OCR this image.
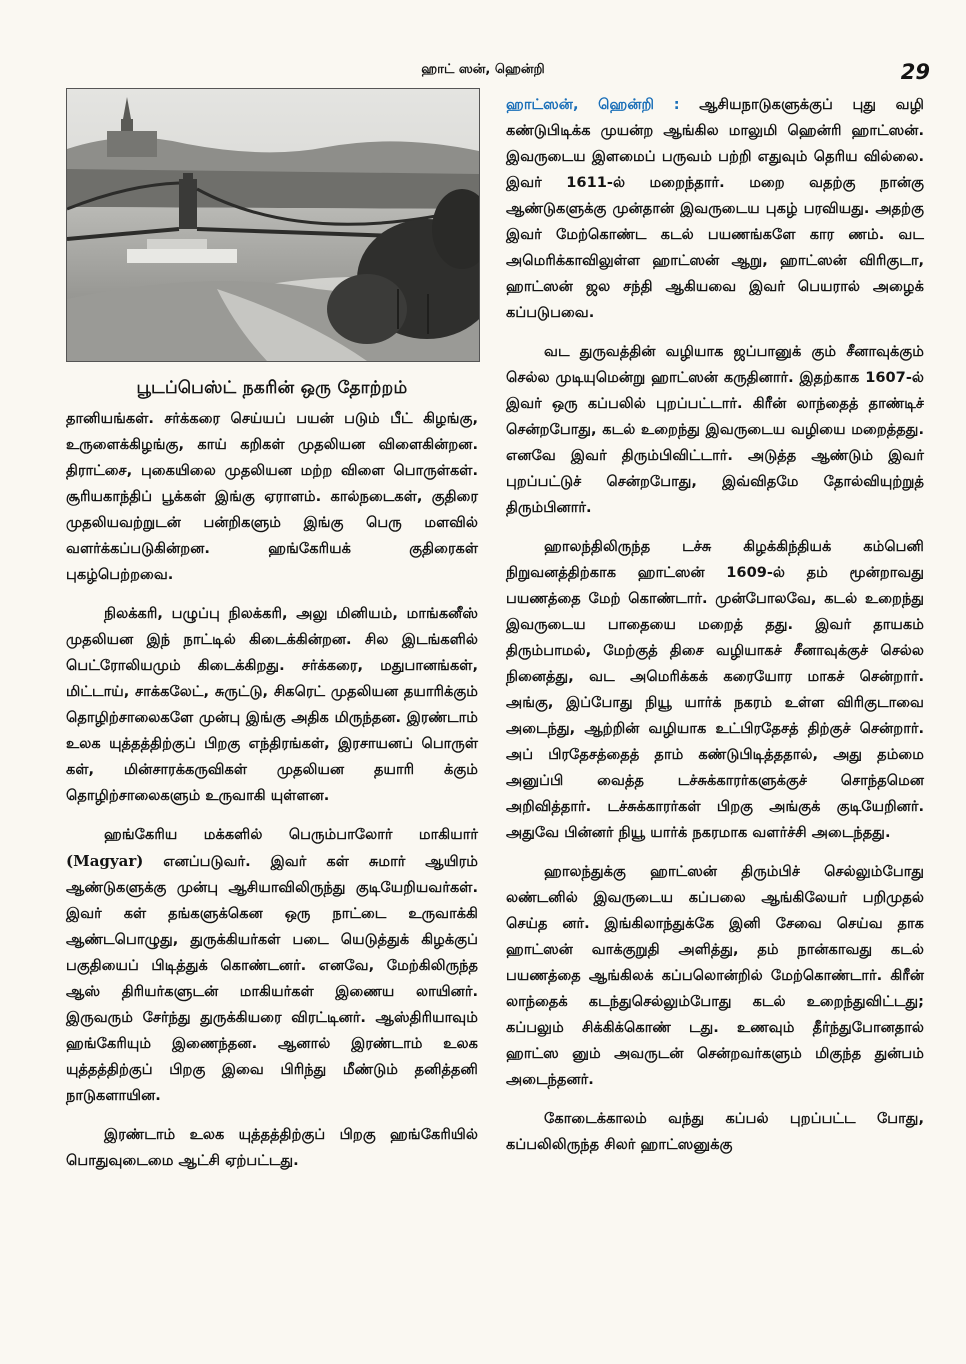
ஹாட் ஸன், ஹென்றி	29
பூடப்பெஸ்ட் நகரின் ஒரு தோற்றம்

தானியங்கள். சர்க்கரை செய்யப் பயன் படும் பீட் கிழங்கு, உருளைக்கிழங்கு, காய் கறிகள் முதலியன விளைகின்றன. திராட்சை, புகையிலை முதலியன மற்ற விளை பொருள்கள். சூரியகாந்திப் பூக்கள் இங்கு ஏராளம். கால்நடைகள், குதிரை முதலியவற்றுடன் பன்றிகளும் இங்கு பெரு மளவில் வளர்க்கப்படுகின்றன. ஹங்கேரியக் குதிரைகள் புகழ்பெற்றவை.

நிலக்கரி, பழுப்பு நிலக்கரி, அலு மினியம், மாங்கனீஸ் முதலியன இந் நாட்டில் கிடைக்கின்றன. சில இடங்களில் பெட்ரோலியமும் கிடைக்கிறது. சர்க்கரை, மதுபானங்கள், மிட்டாய், சாக்கலேட், சுருட்டு, சிகரெட் முதலியன தயாரிக்கும் தொழிற்சாலைகளே முன்பு இங்கு அதிக மிருந்தன. இரண்டாம் உலக யுத்தத்திற்குப் பிறகு எந்திரங்கள், இரசாயனப் பொருள் கள், மின்சாரக்கருவிகள் முதலியன தயாரி க்கும் தொழிற்சாலைகளும் உருவாகி யுள்ளன.

ஹங்கேரிய மக்களில் பெரும்பாலோர் மாகியார் (Magyar) எனப்படுவர். இவர் கள் சுமார் ஆயிரம் ஆண்டுகளுக்கு முன்பு ஆசியாவிலிருந்து குடியேறியவர்கள். இவர் கள் தங்களுக்கென ஒரு நாட்டை உருவாக்கி ஆண்டபொழுது, துருக்கியர்கள் படை யெடுத்துக் கிழக்குப் பகுதியைப் பிடித்துக் கொண்டனர். எனவே, மேற்கிலிருந்த ஆஸ் திரியர்களுடன் மாகியர்கள் இணைய லாயினர். இருவரும் சேர்ந்து துருக்கியரை விரட்டினர். ஆஸ்திரியாவும் ஹங்கேரியும் இணைந்தன. ஆனால் இரண்டாம் உலக யுத்தத்திற்குப் பிறகு இவை பிரிந்து மீண்டும் தனித்தனி நாடுகளாயின.

இரண்டாம் உலக யுத்தத்திற்குப் பிறகு ஹங்கேரியில் பொதுவுடைமை ஆட்சி ஏற்பட்டது.

ஹாட்ஸன், ஹென்றி : ஆசியநாடுகளுக்குப் புது வழி கண்டுபிடிக்க முயன்ற ஆங்கில மாலுமி ஹென்ரி ஹாட்ஸன். இவருடைய இளமைப் பருவம் பற்றி எதுவும் தெரிய வில்லை. இவர் 1611-ல் மறைந்தார். மறை வதற்கு நான்கு ஆண்டுகளுக்கு முன்தான் இவருடைய புகழ் பரவியது. அதற்கு இவர் மேற்கொண்ட கடல் பயணங்களே கார ணம். வட அமெரிக்காவிலுள்ள ஹாட்ஸன் ஆறு, ஹாட்ஸன் விரிகுடா, ஹாட்ஸன் ஜல சந்தி ஆகியவை இவர் பெயரால் அழைக் கப்படுபவை.

வட துருவத்தின் வழியாக ஜப்பானுக் கும் சீனாவுக்கும் செல்ல முடியுமென்று ஹாட்ஸன் கருதினார். இதற்காக 1607-ல் இவர் ஒரு கப்பலில் புறப்பட்டார். கிரீன் லாந்தைத் தாண்டிச் சென்றபோது, கடல் உறைந்து இவருடைய வழியை மறைத்தது. எனவே இவர் திரும்பிவிட்டார். அடுத்த ஆண்டும் இவர் புறப்பட்டுச் சென்றபோது, இவ்விதமே தோல்வியுற்றுத் திரும்பினார்.

ஹாலந்திலிருந்த டச்சு கிழக்கிந்தியக் கம்பெனி நிறுவனத்திற்காக ஹாட்ஸன் 1609-ல் தம் மூன்றாவது பயணத்தை மேற் கொண்டார். முன்போலவே, கடல் உறைந்து இவருடைய பாதையை மறைத் தது. இவர் தாயகம் திரும்பாமல், மேற்குத் திசை வழியாகச் சீனாவுக்குச் செல்ல நினைத்து, வட அமெரிக்கக் கரையோர மாகச் சென்றார். அங்கு, இப்போது நியூ யார்க் நகரம் உள்ள விரிகுடாவை அடைந்து, ஆற்றின் வழியாக உட்பிரதேசத் திற்குச் சென்றார். அப் பிரதேசத்தைத் தாம் கண்டுபிடித்ததால், அது தம்மை அனுப்பி வைத்த டச்சுக்காரர்களுக்குச் சொந்தமென அறிவித்தார். டச்சுக்காரர்கள் பிறகு அங்குக் குடியேறினர். அதுவே பின்னர் நியூ யார்க் நகரமாக வளர்ச்சி அடைந்தது.

ஹாலந்துக்கு ஹாட்ஸன் திரும்பிச் செல்லும்போது லண்டனில் இவருடைய கப்பலை ஆங்கிலேயர் பறிமுதல் செய்த னர். இங்கிலாந்துக்கே இனி சேவை செய்வ தாக ஹாட்ஸன் வாக்குறுதி அளித்து, தம் நான்காவது கடல் பயணத்தை ஆங்கிலக் கப்பலொன்றில் மேற்கொண்டார். கிரீன் லாந்தைக் கடந்துசெல்லும்போது கடல் உறைந்துவிட்டது; கப்பலும் சிக்கிக்கொண் டது. உணவும் தீர்ந்துபோனதால் ஹாட்ஸ னும் அவருடன் சென்றவர்களும் மிகுந்த துன்பம் அடைந்தனர்.

கோடைக்காலம் வந்து கப்பல் புறப்பட்ட போது, கப்பலிலிருந்த சிலர் ஹாட்ஸனுக்கு
